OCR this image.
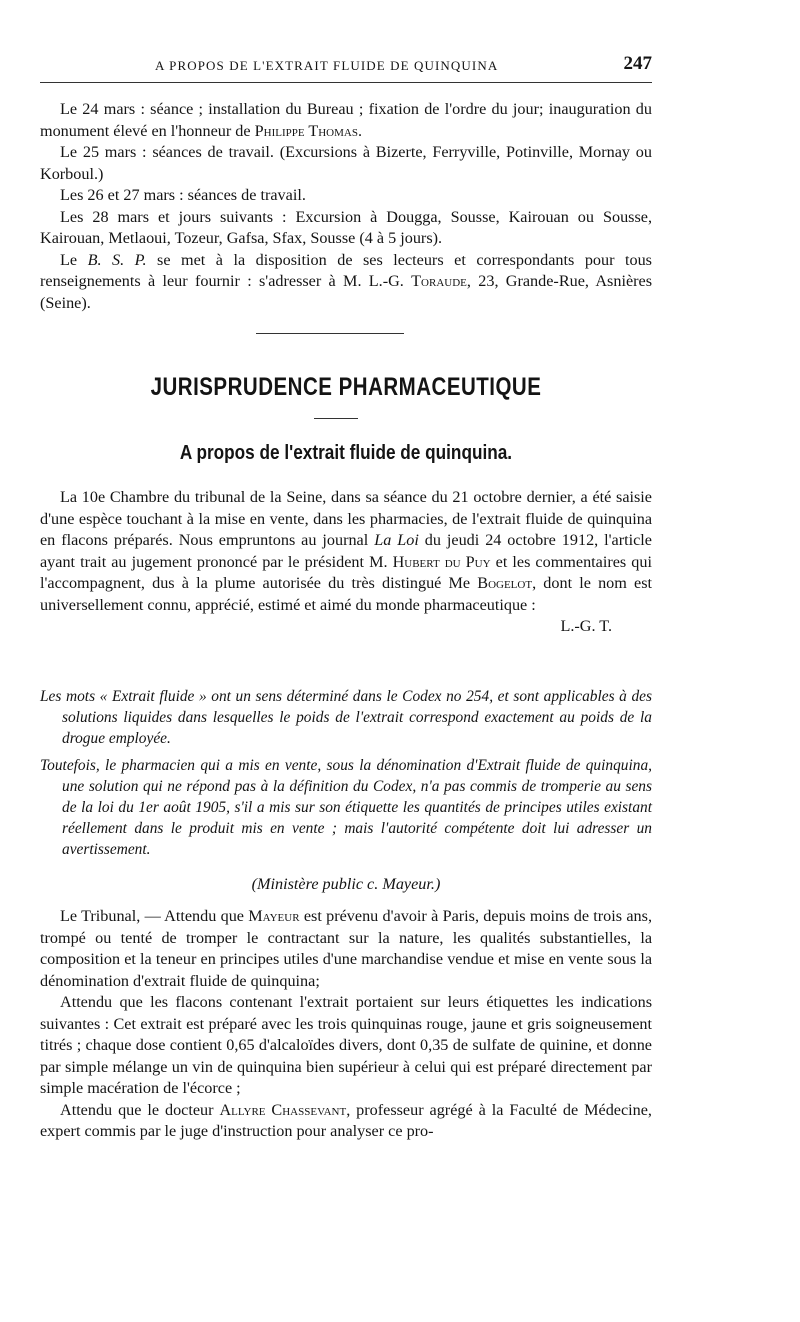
A PROPOS DE L'EXTRAIT FLUIDE DE QUINQUINA	247

Le 24 mars : séance ; installation du Bureau ; fixation de l'ordre du jour; inauguration du monument élevé en l'honneur de Philippe Thomas.

Le 25 mars : séances de travail. (Excursions à Bizerte, Ferryville, Potinville, Mornay ou Korboul.)

Les 26 et 27 mars : séances de travail.

Les 28 mars et jours suivants : Excursion à Dougga, Sousse, Kairouan ou Sousse, Kairouan, Metlaoui, Tozeur, Gafsa, Sfax, Sousse (4 à 5 jours).

Le B. S. P. se met à la disposition de ses lecteurs et correspondants pour tous renseignements à leur fournir : s'adresser à M. L.-G. Toraude, 23, Grande-Rue, Asnières (Seine).

JURISPRUDENCE PHARMACEUTIQUE
A propos de l'extrait fluide de quinquina.

La 10e Chambre du tribunal de la Seine, dans sa séance du 21 octobre dernier, a été saisie d'une espèce touchant à la mise en vente, dans les pharmacies, de l'extrait fluide de quinquina en flacons préparés. Nous empruntons au journal La Loi du jeudi 24 octobre 1912, l'article ayant trait au jugement prononcé par le président M. Hubert du Puy et les commentaires qui l'accompagnent, dus à la plume autorisée du très distingué Me Bogelot, dont le nom est universellement connu, apprécié, estimé et aimé du monde pharmaceutique :

L.-G. T.

Les mots « Extrait fluide » ont un sens déterminé dans le Codex no 254, et sont applicables à des solutions liquides dans lesquelles le poids de l'extrait correspond exactement au poids de la drogue employée.

Toutefois, le pharmacien qui a mis en vente, sous la dénomination d'Extrait fluide de quinquina, une solution qui ne répond pas à la définition du Codex, n'a pas commis de tromperie au sens de la loi du 1er août 1905, s'il a mis sur son étiquette les quantités de principes utiles existant réellement dans le produit mis en vente ; mais l'autorité compétente doit lui adresser un avertissement.

(Ministère public c. Mayeur.)

Le Tribunal, — Attendu que Mayeur est prévenu d'avoir à Paris, depuis moins de trois ans, trompé ou tenté de tromper le contractant sur la nature, les qualités substantielles, la composition et la teneur en principes utiles d'une marchandise vendue et mise en vente sous la dénomination d'extrait fluide de quinquina;

Attendu que les flacons contenant l'extrait portaient sur leurs étiquettes les indications suivantes : Cet extrait est préparé avec les trois quinquinas rouge, jaune et gris soigneusement titrés ; chaque dose contient 0,65 d'alcaloïdes divers, dont 0,35 de sulfate de quinine, et donne par simple mélange un vin de quinquina bien supérieur à celui qui est préparé directement par simple macération de l'écorce ;

Attendu que le docteur Allyre Chassevant, professeur agrégé à la Faculté de Médecine, expert commis par le juge d'instruction pour analyser ce pro-
